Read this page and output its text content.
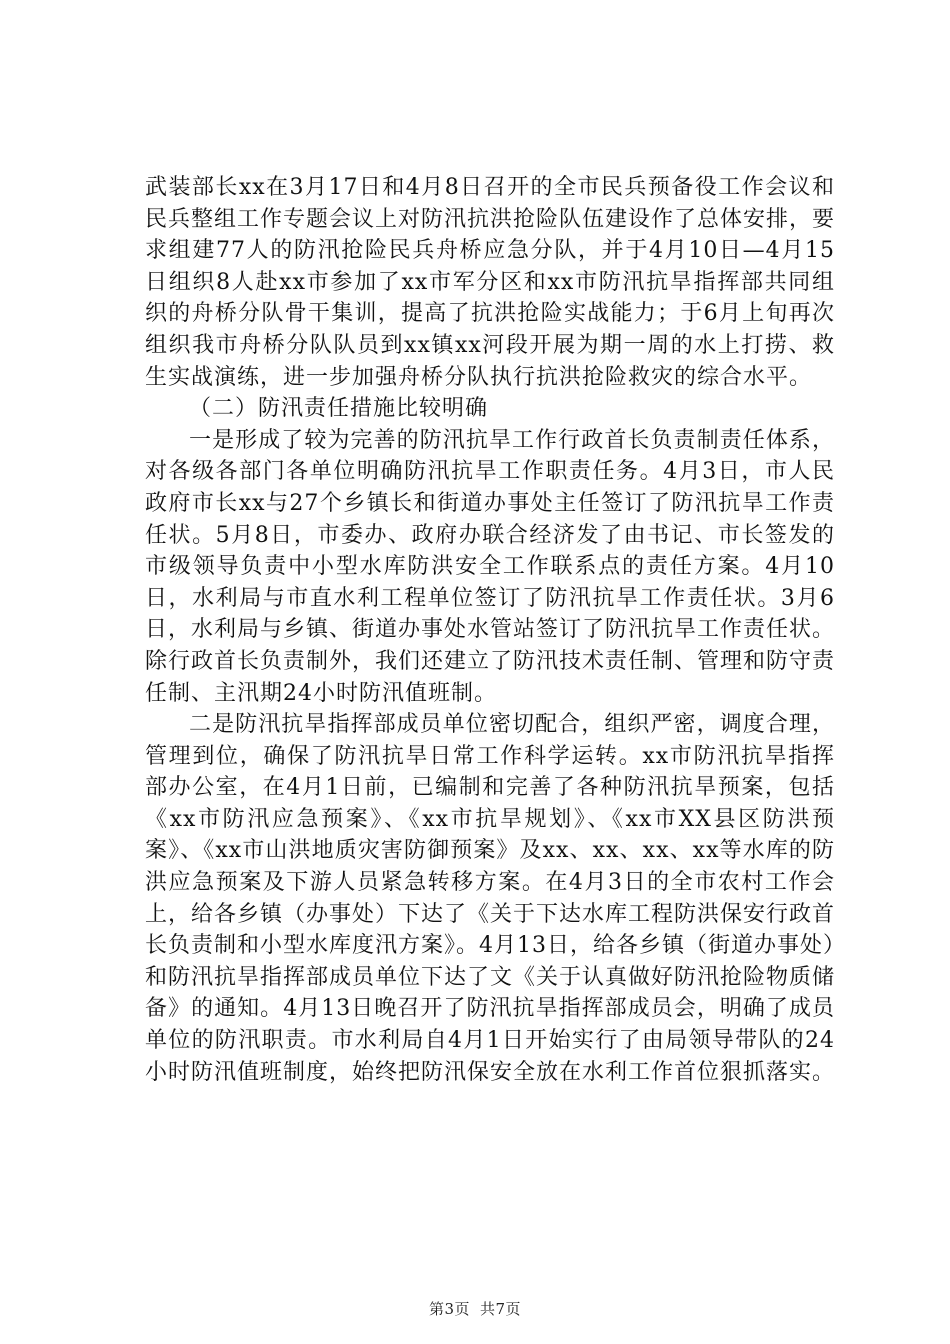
武装部长xx在3月17日和4月8日召开的全市民兵预备役工作会议和民兵整组工作专题会议上对防汛抗洪抢险队伍建设作了总体安排，要求组建77人的防汛抢险民兵舟桥应急分队，并于4月10日—4月15日组织8人赴xx市参加了xx市军分区和xx市防汛抗旱指挥部共同组织的舟桥分队骨干集训，提高了抗洪抢险实战能力；于6月上旬再次组织我市舟桥分队队员到xx镇xx河段开展为期一周的水上打捞、救生实战演练，进一步加强舟桥分队执行抗洪抢险救灾的综合水平。

（二）防汛责任措施比较明确

一是形成了较为完善的防汛抗旱工作行政首长负责制责任体系，对各级各部门各单位明确防汛抗旱工作职责任务。4月3日，市人民政府市长xx与27个乡镇长和街道办事处主任签订了防汛抗旱工作责任状。5月8日，市委办、政府办联合经济发了由书记、市长签发的市级领导负责中小型水库防洪安全工作联系点的责任方案。4月10日，水利局与市直水利工程单位签订了防汛抗旱工作责任状。3月6日，水利局与乡镇、街道办事处水管站签订了防汛抗旱工作责任状。除行政首长负责制外，我们还建立了防汛技术责任制、管理和防守责任制、主汛期24小时防汛值班制。

二是防汛抗旱指挥部成员单位密切配合，组织严密，调度合理，管理到位，确保了防汛抗旱日常工作科学运转。xx市防汛抗旱指挥部办公室，在4月1日前，已编制和完善了各种防汛抗旱预案，包括《xx市防汛应急预案》、《xx市抗旱规划》、《xx市XX县区防洪预案》、《xx市山洪地质灾害防御预案》及xx、xx、xx、xx等水库的防洪应急预案及下游人员紧急转移方案。在4月3日的全市农村工作会上，给各乡镇（办事处）下达了《关于下达水库工程防洪保安行政首长负责制和小型水库度汛方案》。4月13日，给各乡镇（街道办事处）和防汛抗旱指挥部成员单位下达了文《关于认真做好防汛抢险物质储备》的通知。4月13日晚召开了防汛抗旱指挥部成员会，明确了成员单位的防汛职责。市水利局自4月1日开始实行了由局领导带队的24小时防汛值班制度，始终把防汛保安全放在水利工作首位狠抓落实。

第3页 共7页
